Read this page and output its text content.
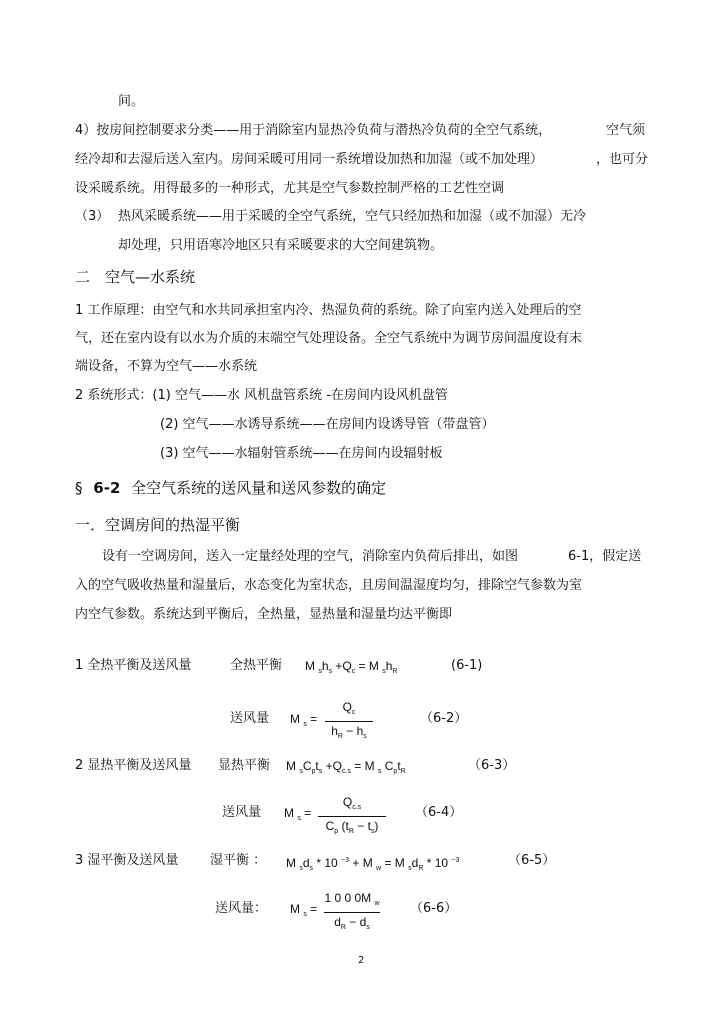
间。
4）按房间控制要求分类——用于消除室内显热冷负荷与潜热冷负荷的全空气系统，	空气须
经冷却和去湿后送入室内。房间采暖可用同一系统增设加热和加湿（或不加处理）	，也可分
设采暖系统。用得最多的一种形式，尤其是空气参数控制严格的工艺性空调
（3） 热风采暖系统——用于采暖的全空气系统，空气只经加热和加湿（或不加湿）无冷
却处理，只用语寒冷地区只有采暖要求的大空间建筑物。
二　空气—水系统
1 工作原理：由空气和水共同承担室内冷、热湿负荷的系统。除了向室内送入处理后的空
气，还在室内设有以水为介质的末端空气处理设备。全空气系统中为调节房间温度设有末
端设备，不算为空气——水系统
2 系统形式：(1) 空气——水 风机盘管系统 -在房间内设风机盘管
(2) 空气——水诱导系统——在房间内设诱导管（带盘管）
(3) 空气——水辐射管系统——在房间内设辐射板
§ 6-2 全空气系统的送风量和送风参数的确定
一．空调房间的热湿平衡
设有一空调房间，送入一定量经处理的空气，消除室内负荷后排出，如图	6-1，假定送
入的空气吸收热量和湿量后，水态变化为室状态，且房间温湿度均匀，排除空气参数为室
内空气参数。系统达到平衡后，全热量，显热量和湿量均达平衡即
1 全热平衡及送风量	全热平衡 M $_sh_s +Q_c = M$ $_sh_R$	(6-1)
送风量 M $_s$ =
$Q_c$
$h_R - h_s$
（6-2）
2 显热平衡及送风量 显热平衡 M $_sC_pt_s +Q_{c.s} = M$ $_s$ $C_pt_R$	（6-3）
送风量 M $_s$ =
$Q_{c.s}$
$C_p$ $(t_R - t_s)$
（6-4）
3 湿平衡及送风量 湿平衡 ： M $_sd_s * 10$ $^{-3}$ + M $_w$ = M $_sd_R * 10$ $^{-3}$	（6-5）
送风量： M $_s$ =
1 0 0 0M $_w$
$d_R - d_s$
（6-6）
2
